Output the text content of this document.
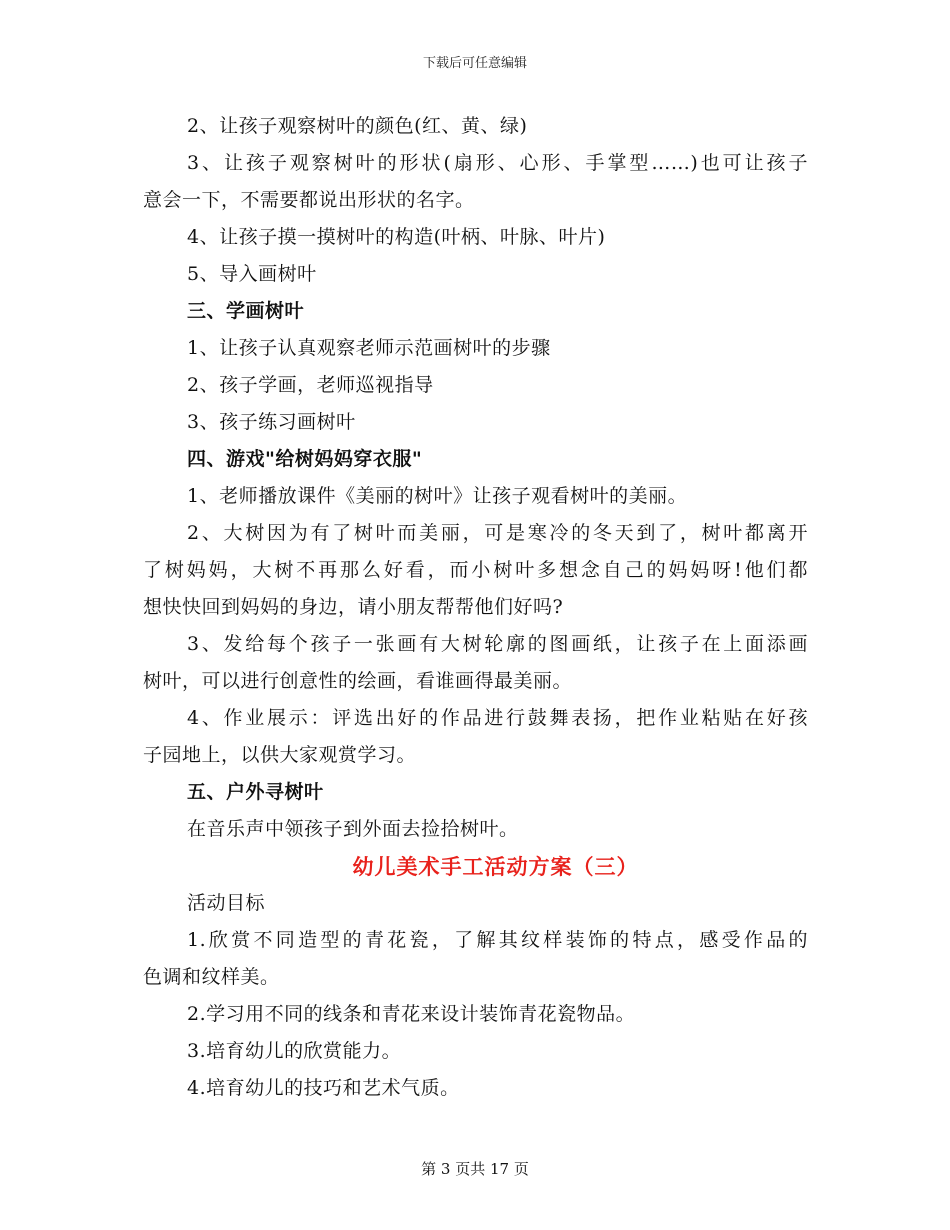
下载后可任意编辑
2、让孩子观察树叶的颜色(红、黄、绿)
3、让孩子观察树叶的形状(扇形、心形、手掌型……)也可让孩子
意会一下，不需要都说出形状的名字。
4、让孩子摸一摸树叶的构造(叶柄、叶脉、叶片)
5、导入画树叶
三、学画树叶
1、让孩子认真观察老师示范画树叶的步骤
2、孩子学画，老师巡视指导
3、孩子练习画树叶
四、游戏"给树妈妈穿衣服"
1、老师播放课件《美丽的树叶》让孩子观看树叶的美丽。
2、大树因为有了树叶而美丽，可是寒冷的冬天到了，树叶都离开
了树妈妈，大树不再那么好看，而小树叶多想念自己的妈妈呀!他们都
想快快回到妈妈的身边，请小朋友帮帮他们好吗?
3、发给每个孩子一张画有大树轮廓的图画纸，让孩子在上面添画
树叶，可以进行创意性的绘画，看谁画得最美丽。
4、作业展示：评选出好的作品进行鼓舞表扬，把作业粘贴在好孩
子园地上，以供大家观赏学习。
五、户外寻树叶
在音乐声中领孩子到外面去捡拾树叶。
幼儿美术手工活动方案（三）
活动目标
1.欣赏不同造型的青花瓷，了解其纹样装饰的特点，感受作品的
色调和纹样美。
2.学习用不同的线条和青花来设计装饰青花瓷物品。
3.培育幼儿的欣赏能力。
4.培育幼儿的技巧和艺术气质。
第 3 页共 17 页
